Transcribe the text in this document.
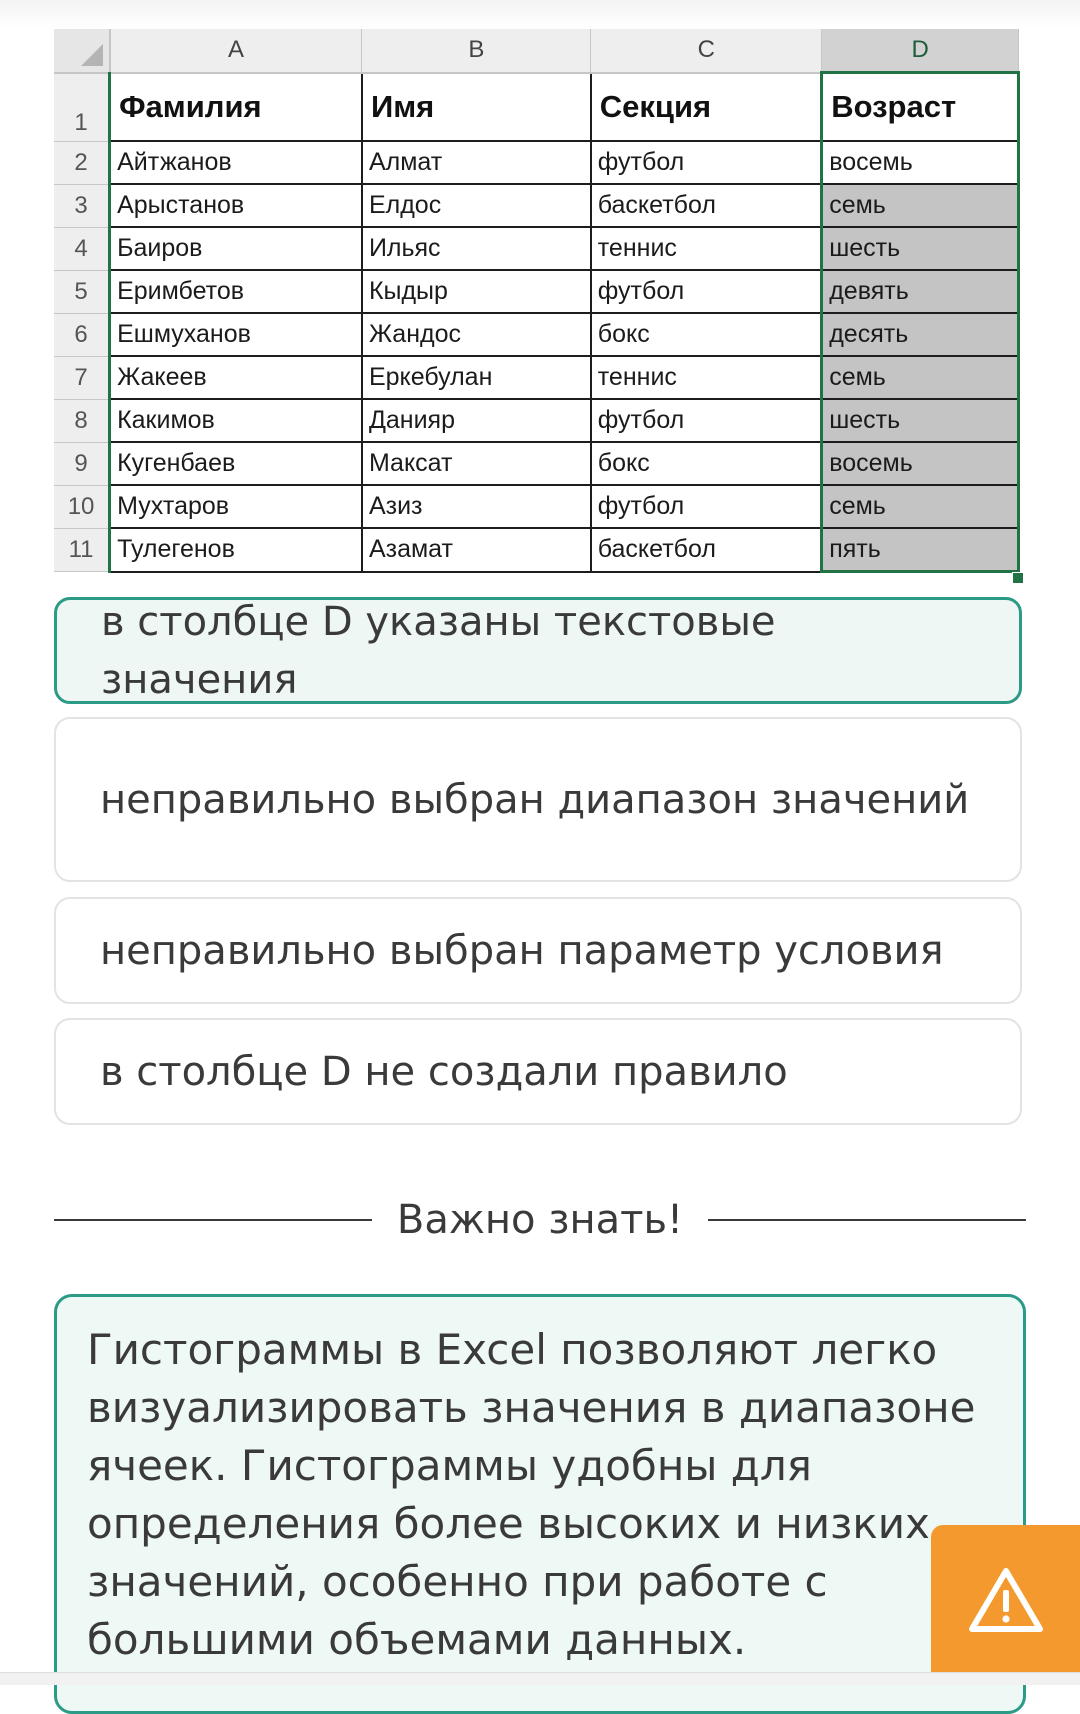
	A	B	C	D
1	Фамилия	Имя	Секция	Возраст
2	Айтжанов	Алмат	футбол	восемь
3	Арыстанов	Елдос	баскетбол	семь
4	Баиров	Ильяс	теннис	шесть
5	Еримбетов	Кыдыр	футбол	девять
6	Ешмуханов	Жандос	бокс	десять
7	Жакеев	Еркебулан	теннис	семь
8	Какимов	Данияр	футбол	шесть
9	Кугенбаев	Максат	бокс	восемь
10	Мухтаров	Азиз	футбол	семь
11	Тулегенов	Азамат	баскетбол	пять
в столбце D указаны текстовые значения
неправильно выбран диапазон значений
неправильно выбран параметр условия
в столбце D не создали правило
Важно знать!
Гистограммы в Excel позволяют легко визуализировать значения в диапазоне ячеек. Гистограммы удобны для определения более высоких и низких значений, особенно при работе с большими объемами данных.
